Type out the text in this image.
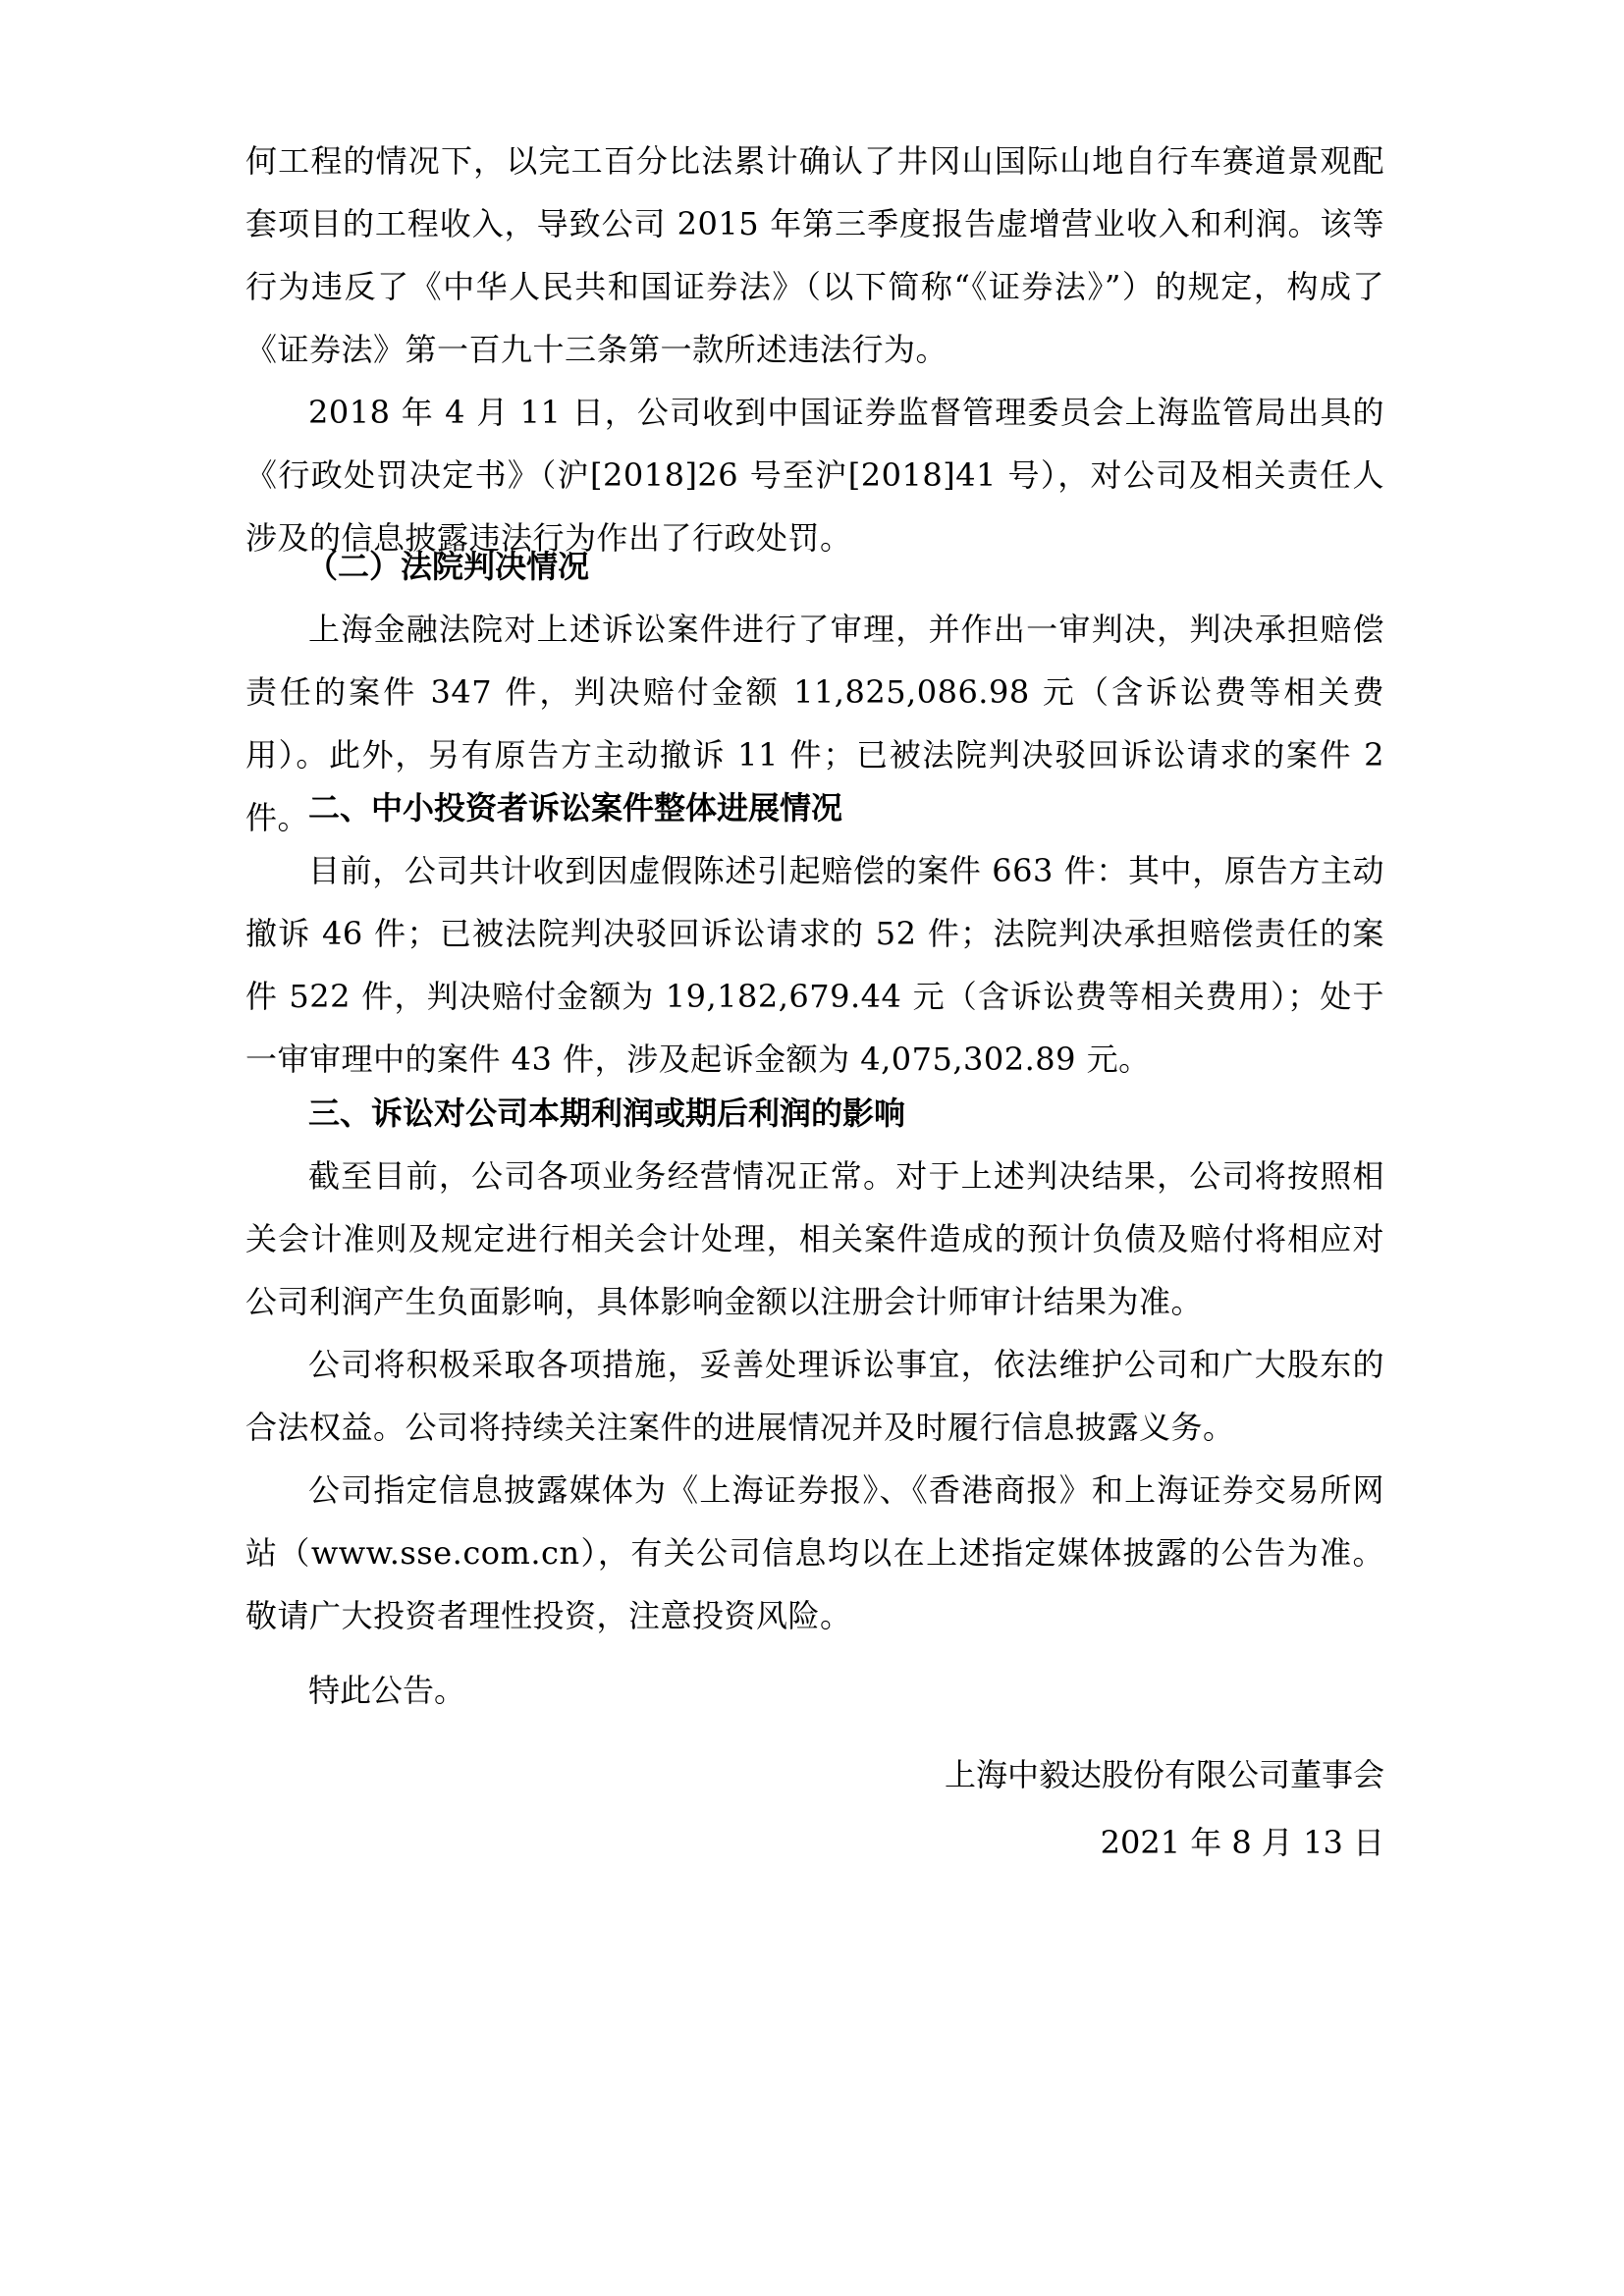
何工程的情况下，以完工百分比法累计确认了井冈山国际山地自行车赛道景观配套项目的工程收入，导致公司 2015 年第三季度报告虚增营业收入和利润。该等行为违反了《中华人民共和国证券法》（以下简称“《证券法》”）的规定，构成了《证券法》第一百九十三条第一款所述违法行为。
2018 年 4 月 11 日，公司收到中国证券监督管理委员会上海监管局出具的《行政处罚决定书》（沪[2018]26 号至沪[2018]41 号），对公司及相关责任人涉及的信息披露违法行为作出了行政处罚。
（二）法院判决情况
上海金融法院对上述诉讼案件进行了审理，并作出一审判决，判决承担赔偿责任的案件 347 件，判决赔付金额 11,825,086.98 元（含诉讼费等相关费用）。此外，另有原告方主动撤诉 11 件；已被法院判决驳回诉讼请求的案件 2 件。
二、中小投资者诉讼案件整体进展情况
目前，公司共计收到因虚假陈述引起赔偿的案件 663 件：其中，原告方主动撤诉 46 件；已被法院判决驳回诉讼请求的 52 件；法院判决承担赔偿责任的案件 522 件，判决赔付金额为 19,182,679.44 元（含诉讼费等相关费用）；处于一审审理中的案件 43 件，涉及起诉金额为 4,075,302.89 元。
三、诉讼对公司本期利润或期后利润的影响
截至目前，公司各项业务经营情况正常。对于上述判决结果，公司将按照相关会计准则及规定进行相关会计处理，相关案件造成的预计负债及赔付将相应对公司利润产生负面影响，具体影响金额以注册会计师审计结果为准。
公司将积极采取各项措施，妥善处理诉讼事宜，依法维护公司和广大股东的合法权益。公司将持续关注案件的进展情况并及时履行信息披露义务。
公司指定信息披露媒体为《上海证券报》、《香港商报》和上海证券交易所网站（www.sse.com.cn），有关公司信息均以在上述指定媒体披露的公告为准。敬请广大投资者理性投资，注意投资风险。
特此公告。
上海中毅达股份有限公司董事会
2021 年 8 月 13 日
